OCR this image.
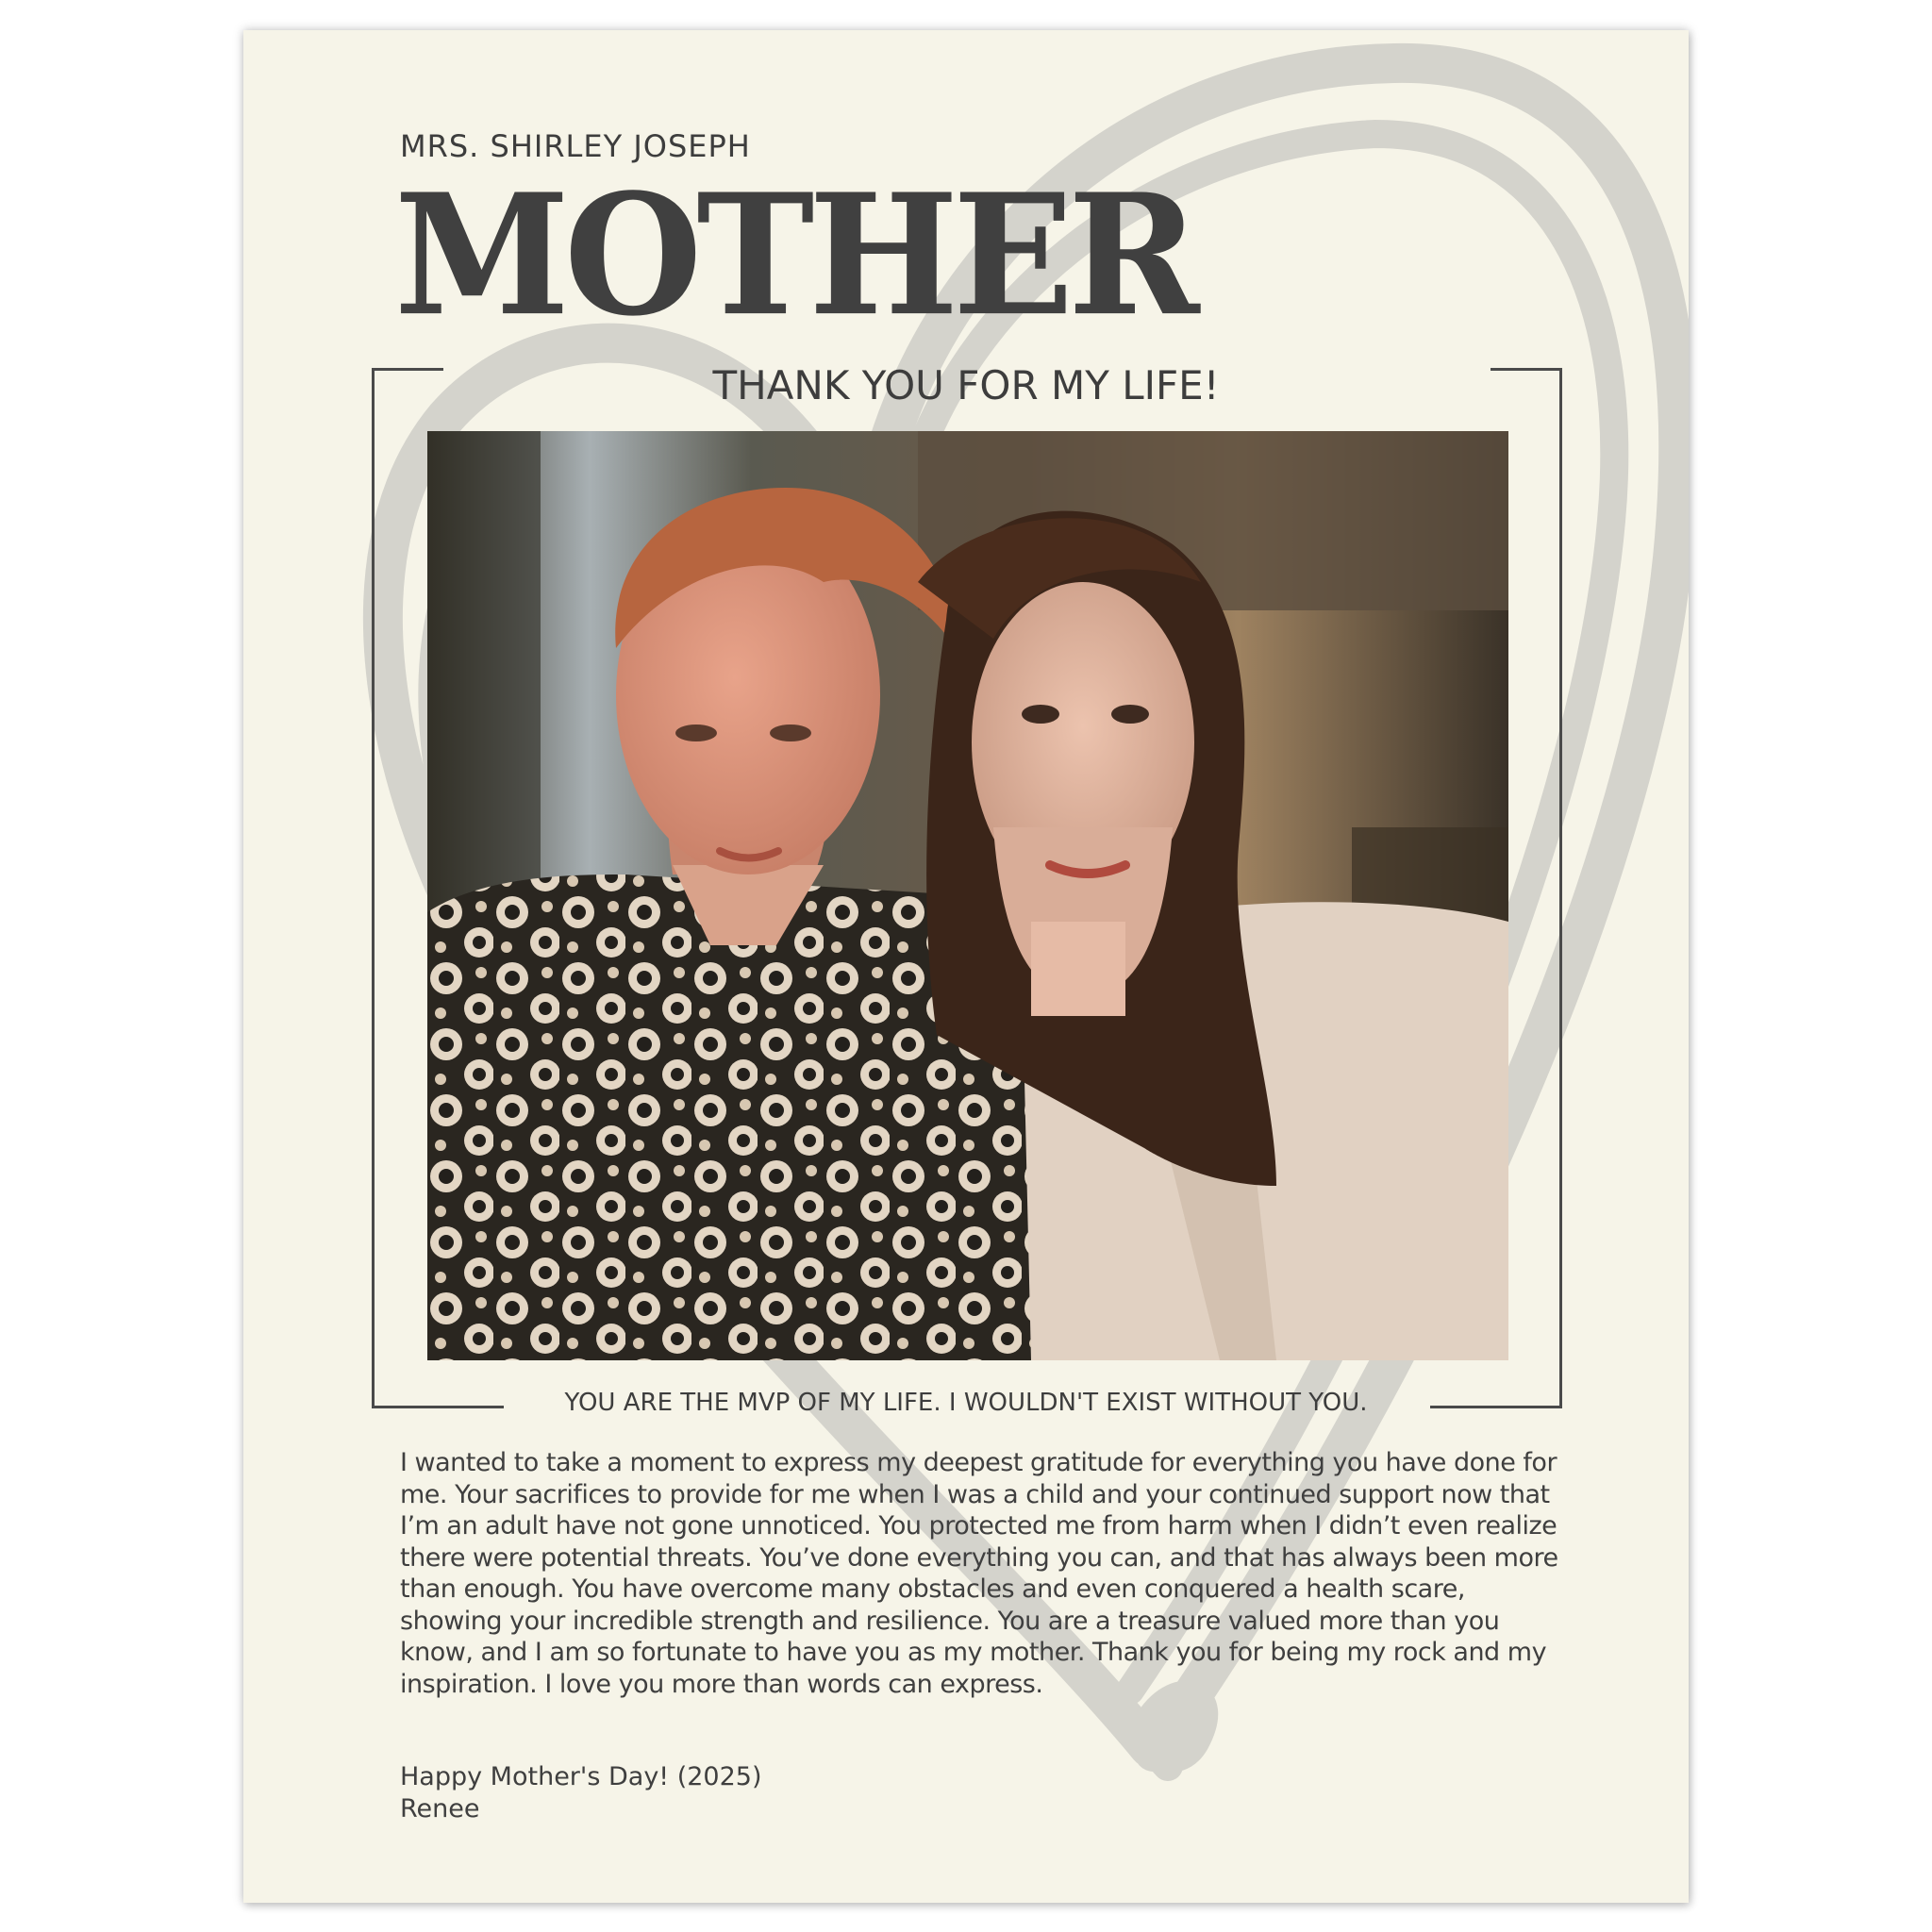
MRS. SHIRLEY JOSEPH
MOTHER
THANK YOU FOR MY LIFE!
YOU ARE THE MVP OF MY LIFE. I WOULDN'T EXIST WITHOUT YOU.

I wanted to take a moment to express my deepest gratitude for everything you have done for me. Your sacrifices to provide for me when I was a child and your continued support now that I’m an adult have not gone unnoticed. You protected me from harm when I didn’t even realize there were potential threats. You’ve done everything you can, and that has always been more than enough. You have overcome many obstacles and even conquered a health scare, showing your incredible strength and resilience. You are a treasure valued more than you know, and I am so fortunate to have you as my mother. Thank you for being my rock and my inspiration. I love you more than words can express.

Happy Mother's Day! (2025)
Renee
